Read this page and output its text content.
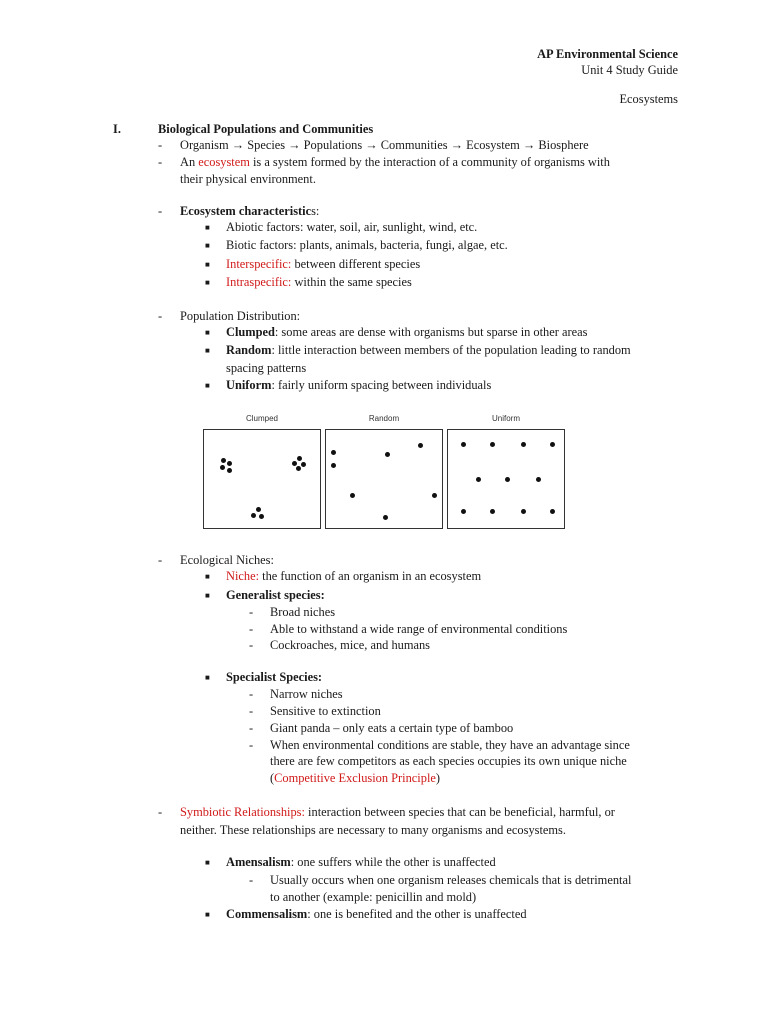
AP Environmental Science
Unit 4 Study Guide
Ecosystems
I.	Biological Populations and Communities
- Organism → Species → Populations → Communities → Ecosystem → Biosphere
- An ecosystem is a system formed by the interaction of a community of organisms with
their physical environment.
- Ecosystem characteristics:
■ Abiotic factors: water, soil, air, sunlight, wind, etc.
■ Biotic factors: plants, animals, bacteria, fungi, algae, etc.
■ Interspecific: between different species
■ Intraspecific: within the same species
- Population Distribution:
■ Clumped: some areas are dense with organisms but sparse in other areas
■ Random: little interaction between members of the population leading to random
spacing patterns
■ Uniform: fairly uniform spacing between individuals
Clumped	Random	Uniform
- Ecological Niches:
■ Niche: the function of an organism in an ecosystem
■ Generalist species:
- Broad niches
- Able to withstand a wide range of environmental conditions
- Cockroaches, mice, and humans
■ Specialist Species:
- Narrow niches
- Sensitive to extinction
- Giant panda – only eats a certain type of bamboo
- When environmental conditions are stable, they have an advantage since
there are few competitors as each species occupies its own unique niche
(Competitive Exclusion Principle)
- Symbiotic Relationships: interaction between species that can be beneficial, harmful, or
neither. These relationships are necessary to many organisms and ecosystems.
■ Amensalism: one suffers while the other is unaffected
- Usually occurs when one organism releases chemicals that is detrimental
to another (example: penicillin and mold)
■ Commensalism: one is benefited and the other is unaffected
